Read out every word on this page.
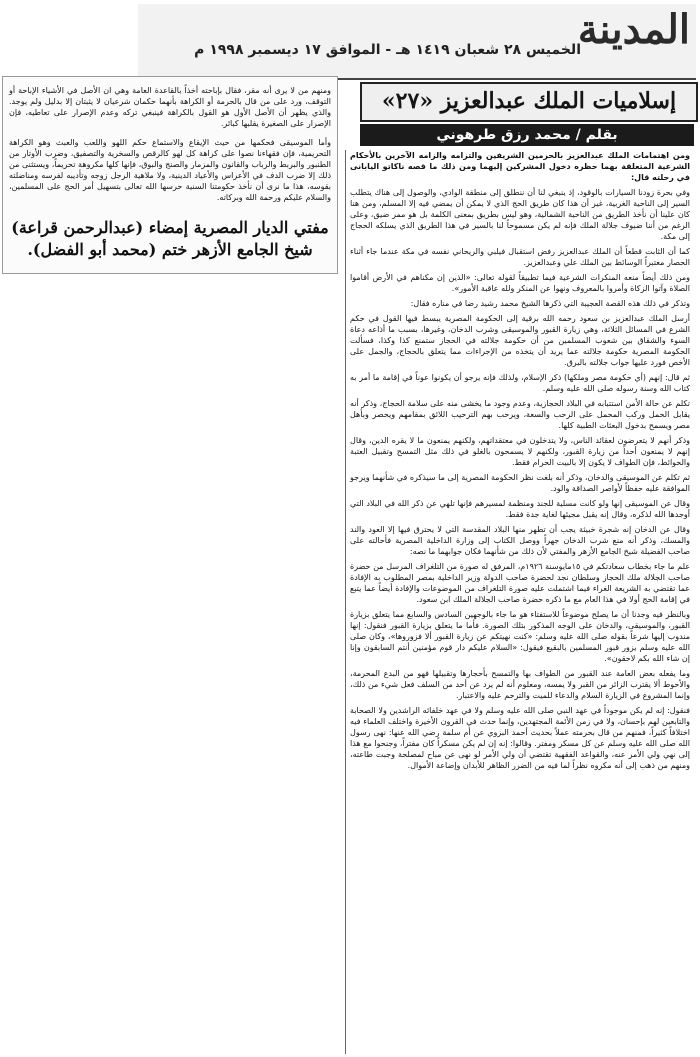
المدينة
الخميس ٢٨ شعبان ١٤١٩ هـ - الموافق ١٧ ديسمبر ١٩٩٨ م

ومنهم من لا يرى أنه مقر، فقال بإباحته أخذاً بالقاعدة العامة وهي ان الأصل في الأشياء الإباحة أو التوقف، ورد على من قال بالحرمة أو الكراهة بأنهما حكمان شرعيان لا يثبتان إلا بدليل ولم يوجد. والذي يظهر أن الأصل الأول هو القول بالكراهة فينبغي تركه وعدم الإصرار على تعاطيه، فإن الإصرار على الصغيرة يقلبها كبائر.

وأما الموسيقى فحكمها من حيث الإيقاع والاستماع حكم اللهو واللعب والعبث وهو الكراهة التحريمية، فإن فقهاءنا نصوا على كراهة كل لهو كالرقص والسخرية والتصفيق، وضرب الأوتار من الطنبور والبربط والرباب والقانون والمزمار والصنج والبوق، فإنها كلها مكروهة تحريماً، ويستثنى من ذلك إلا ضرب الدف في الأعراس والأعياد الدينية، ولا ملاهية الرجل زوجه وتأديبه لفرسه ومناضلته بقوسه، هذا ما نرى أن نأخذ حكومتنا السنية حرسها الله تعالى بتسهيل أمر الحج على المسلمين، والسلام عليكم ورحمة الله وبركاته.

مفتي الديار المصرية إمضاء (عبدالرحمن قراعة) شيخ الجامع الأزهر ختم (محمد أبو الفضل).
إسلاميات الملك عبدالعزيز «٢٧»
بقلم / محمد رزق طرهوني

ومن اهتمامات الملك عبدالعزيز بالحرمين الشريفين والتزامه والزامه الآخرين بالأحكام الشرعية المتعلقة بهما حظره دخول المشركين إليهما ومن ذلك ما قصه ناكاتو اليابانى في رحلته قال:

وفي بحرة زودنا السيارات بالوقود، إذ ينبغي لنا أن ننطلق إلى منطقة الوادي، والوصول إلى هناك يتطلب السير إلى الناحية الغربية، غير أن هذا كان طريق الحج الذي لا يمكن أن يمضي فيه إلا المسلم، ومن هنا كان علينا أن نأخذ الطريق من الناحية الشمالية، وهو ليس بطريق بمعنى الكلمة بل هو ممر ضيق، وعلى الرغم من أننا ضيوف جلالة الملك فإنه لم يكن مسموحاً لنا بالسير في هذا الطريق الذي يسلكه الحجاج إلى مكة.

كما أن الثابت قطعاً أن الملك عبدالعزيز رفض استقبال فيلبي والريحاني نفسه في مكة عندما جاء أثناء الحصار معتبراً الوسائط بين الملك علي وعبدالعزيز.

ومن ذلك أيضاً منعه المنكرات الشرعية فيما تطبيقاً لقوله تعالى: «الذين إن مكناهم في الأرض أقاموا الصلاة وآتوا الزكاة وأمروا بالمعروف ونهوا عن المنكر ولله عاقبة الأمور».

وتذكر في ذلك هذه القصة العجيبة التي ذكرها الشيخ محمد رشيد رضا في مناره فقال:

أرسل الملك عبدالعزيز بن سعود رحمه الله برقية إلى الحكومة المصرية يبسط فيها القول في حكم الشرع في المسائل الثلاثة، وهي زيارة القبور والموسيقى وشرب الدخان، وغيرها، بسبب ما أذاعه دعاة السوء والشقاق بين شعوب المسلمين من أن حكومة جلالته في الحجاز ستمنع كذا وكذا، فسألت الحكومة المصرية حكومة جلالته عما يريد أن يتخذه من الإجراءات مما يتعلق بالحجاج، والجمل على الأخص فورد عليها جواب جلالته بالبرق.

ثم قال: إنهم (أي حكومة مصر وملكها) ذكر الإسلام، ولذلك فإنه يرجو أن يكونوا عوناً في إقامة ما أمر به كتاب الله وسنة رسوله صلى الله عليه وسلم.

تكلم عن حالة الأمن استتبابه في البلاد الحجازية، وعدم وجود ما يخشى منه على سلامة الحجاج، وذكر أنه يقابل الحمل وركب المحمل على الرحب والسعة، ويرحب بهم الترحيب اللائق بمقامهم ويحصر وبأهل مصر ويسمح بدخول البعثات الطبية كلها.

وذكر أنهم لا يتعرضون لعقائد الناس، ولا يتدخلون في معتقداتهم، ولكنهم يمنعون ما لا يقره الدين، وقال إنهم لا يمنعون أحداً من زيارة القبور، ولكنهم لا يسمحون بالغلو في ذلك مثل التمسح وتقبيل العتبة والحوائط، فإن الطواف لا يكون إلا بالبيت الحرام فقط.

ثم تكلم عن الموسيقى والدخان، وذكر أنه بلغت نظر الحكومة المصرية إلى ما سيذكره في شأنهما ويرجو الموافقة عليه حفظاً لأواصر الصداقة والود.

وقال عن الموسيقى إنها ولو كانت مسلية للجند ومنظمة لمسيرهم فإنها تلهي عن ذكر الله في البلاد التي أوجدها الله لذكره، وقال إنه يقبل مجيئها لغاية جدة فقط.

وقال عن الدخان إنه شجرة خبيثة يجب أن تطهر منها البلاد المقدسة التي لا يحترق فيها إلا العود والند والمسك، وذكر أنه منع شرب الدخان جهراً ووصل الكتاب إلى وزارة الداخلية المصرية فأحالته على صاحب الفضيلة شيخ الجامع الأزهر والمفتي لأن ذلك من شأنهما فكان جوابهما ما نصه:

علم ما جاء بخطاب سعادتكم في ١٥مايوسنة ١٩٢٦م، المرفق له صورة من التلغراف المرسل من حضرة صاحب الجلالة ملك الحجاز وسلطان نجد لحضرة صاحب الدولة وزير الداخلية بمصر المطلوب به الإفادة عما تقتضي به الشريعة الغراء فيما اشتملت عليه صورة التلغراف من الموضوعات والإفادة أيضاً عما يتبع في إقامة الحج أولا في هذا العام مع ما ذكره حضرة صاحب الجلالة الملك ابن سعود.

وبالنظر فيه وجدنا أن ما يصلح موضوعاً للاستفتاء هو ما جاء بالوجهين السادس والسابع مما يتعلق بزيارة القبور، والموسيقى، والدخان على الوجه المذكور بتلك الصورة. فأما ما يتعلق بزيارة القبور فنقول: إنها مندوب إليها شرعاً بقوله صلى الله عليه وسلم: «كنت نهيتكم عن زيارة القبور ألا فزوروها»، وكان صلى الله عليه وسلم يزور قبور المسلمين بالبقيع فيقول: «السلام عليكم دار قوم مؤمنين أنتم السابقون وإنا إن شاء الله بكم لاحقون».

وما يفعله بعض العامة عند القبور من الطواف بها والتمسح بأحجارها وتقبيلها فهو من البدع المحرمة، والأحوط ألا يقترب الزائر من القبر ولا يمسه، ومعلوم أنه لم يرد عن أحد من السلف فعل شيء من ذلك، وإنما المشروع في الزيارة السلام والدعاء للميت والترحم عليه والاعتبار.

فنقول: إنه لم يكن موجوداً في عهد النبي صلى الله عليه وسلم ولا في عهد خلفائه الراشدين ولا الصحابة والتابعين لهم بإحسان، ولا في زمن الأئمة المجتهدين، وإنما حدث في القرون الأخيرة واختلف العلماء فيه اختلافاً كثيراً، فمنهم من قال بحرمته عملاً بحديث أحمد البزوي عن أم سلمة رضي الله عنها: نهى رسول الله صلى الله عليه وسلم عن كل مسكر ومفتر. وقالوا: إنه إن لم يكن مسكراً كان مفتراً، وجنحوا مع هذا إلى نهي ولي الأمر عنه، والقواعد الفقهية تقتضي أن ولي الأمر لو نهى عن مباح لمصلحة وجبت طاعته، ومنهم من ذهب إلى أنه مكروه نظراً لما فيه من الضرر الظاهر للأبدان وإضاعة الأموال.
